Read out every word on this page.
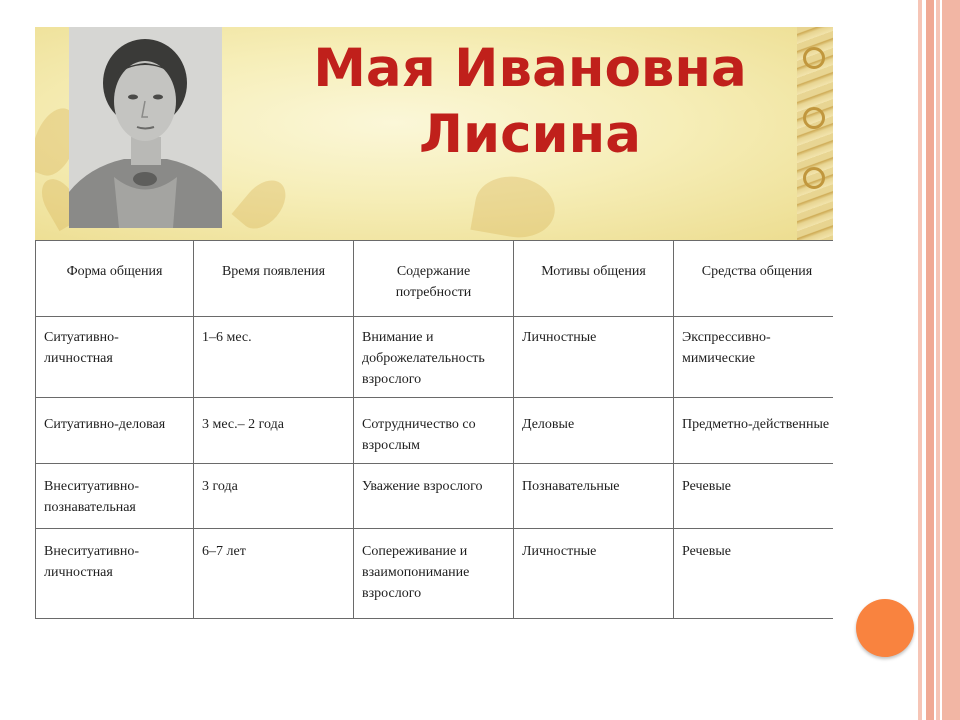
Мая Ивановна
Лисина
Форма общения	Время появления	Содержание потребности	Мотивы общения	Средства общения
Ситуативно-личностная	1–6 мес.	Внимание и доброжелательность взрослого	Личностные	Экспрессивно-мимические
Ситуативно-деловая	3 мес.– 2 года	Сотрудничество со взрослым	Деловые	Предметно-действенные
Внеситуативно-познавательная	3 года	Уважение взрослого	Познавательные	Речевые
Внеситуативно-личностная	6–7 лет	Сопереживание и взаимопонимание взрослого	Личностные	Речевые
